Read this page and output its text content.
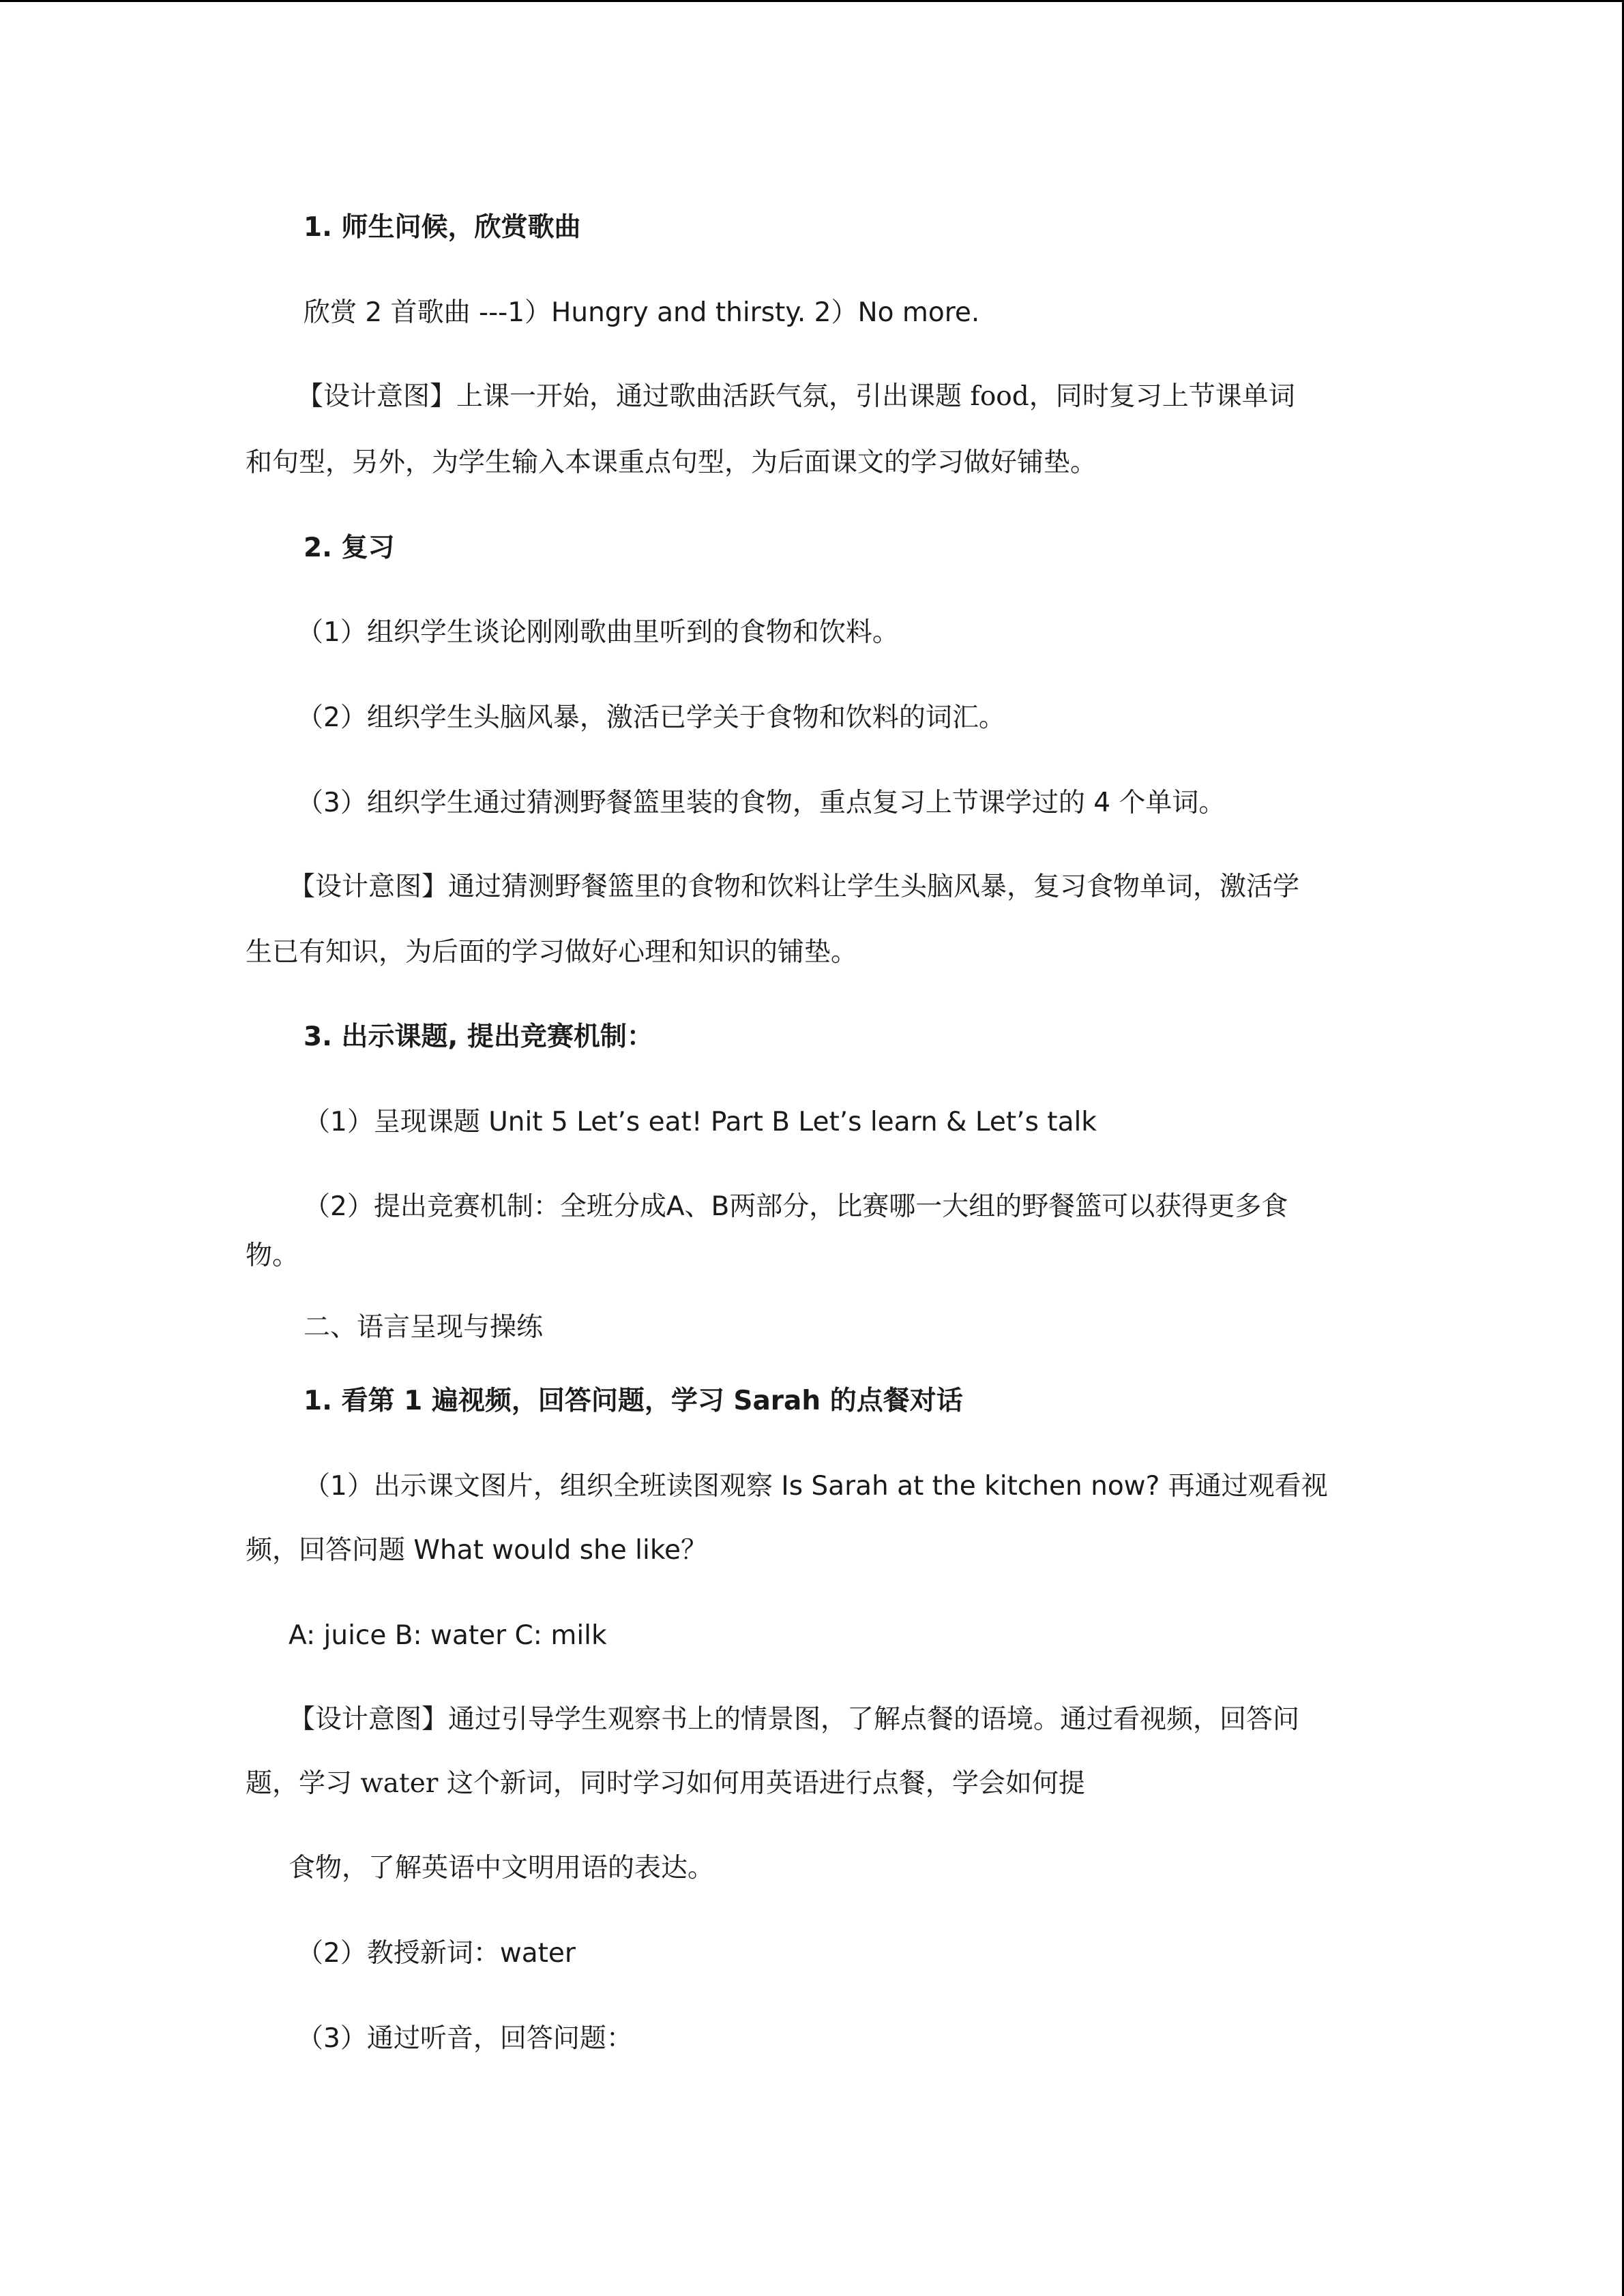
1. 师生问候，欣赏歌曲
欣赏 2 首歌曲 ---1）Hungry and thirsty. 2）No more.
【设计意图】上课一开始，通过歌曲活跃气氛，引出课题 food，同时复习上节课单词
和句型，另外，为学生输入本课重点句型，为后面课文的学习做好铺垫。
2. 复习
（1）组织学生谈论刚刚歌曲里听到的食物和饮料。
（2）组织学生头脑风暴，激活已学关于食物和饮料的词汇。
（3）组织学生通过猜测野餐篮里装的食物，重点复习上节课学过的 4 个单词。
【设计意图】通过猜测野餐篮里的食物和饮料让学生头脑风暴，复习食物单词，激活学
生已有知识，为后面的学习做好心理和知识的铺垫。
3. 出示课题, 提出竞赛机制：
（1）呈现课题 Unit 5 Let’s eat! Part B Let’s learn & Let’s talk
（2）提出竞赛机制：全班分成A、B两部分，比赛哪一大组的野餐篮可以获得更多食
物。
二、语言呈现与操练
1. 看第 1 遍视频，回答问题，学习 Sarah 的点餐对话
（1）出示课文图片，组织全班读图观察 Is Sarah at the kitchen now? 再通过观看视
频，回答问题 What would she like？
A: juice B: water C: milk
【设计意图】通过引导学生观察书上的情景图，了解点餐的语境。通过看视频，回答问
题，学习 water 这个新词，同时学习如何用英语进行点餐，学会如何提
食物，了解英语中文明用语的表达。
（2）教授新词：water
（3）通过听音，回答问题：
